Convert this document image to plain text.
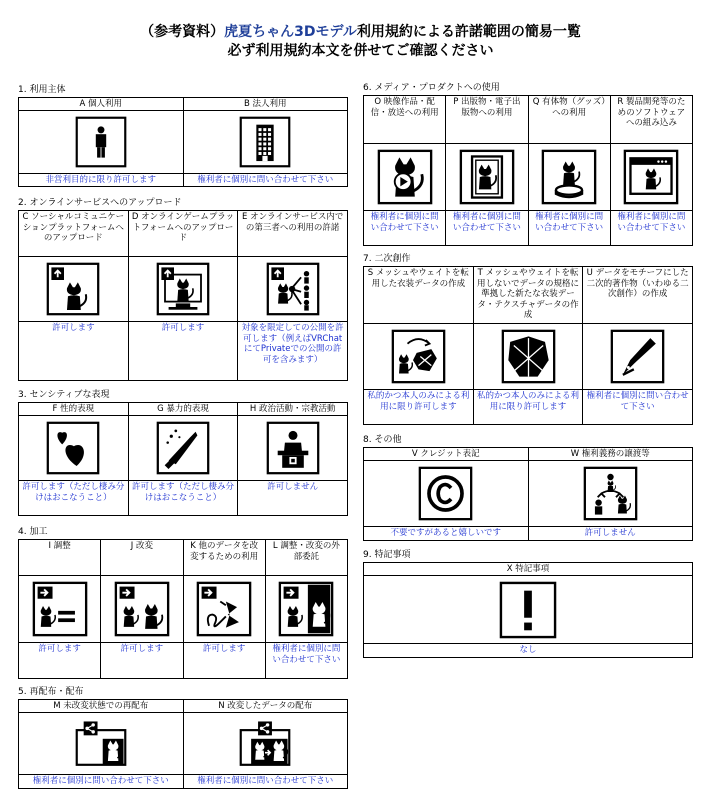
（参考資料）虎夏ちゃん3Dモデル利用規約による許諾範囲の簡易一覧
必ず利用規約本文を併せてご確認ください
1. 利用主体
A 個人利用
非営利目的に限り許可します
B 法人利用
権利者に個別に問い合わせて下さい
2. オンラインサービスへのアップロード
C ソーシャルコミュニケーションプラットフォームへのアップロード
許可します
D オンラインゲームプラットフォームへのアップロード
許可します
E オンラインサービス内での第三者への利用の許諾
対象を限定しての公開を許可します（例えばVRChatにてPrivateでの公開の許可を含みます）
3. センシティブな表現
F 性的表現
許可します（ただし棲み分けはおこなうこと）
G 暴力的表現
許可します（ただし棲み分けはおこなうこと）
H 政治活動・宗教活動
許可しません
4. 加工
I 調整
許可します
J 改変
許可します
K 他のデータを改変するための利用
許可します
L 調整・改変の外部委託
権利者に個別に問い合わせて下さい
5. 再配布・配布
M 未改変状態での再配布
権利者に個別に問い合わせて下さい
N 改変したデータの配布
権利者に個別に問い合わせて下さい
6. メディア・プロダクトへの使用
O 映像作品・配信・放送への利用
権利者に個別に問い合わせて下さい
P 出版物・電子出版物への利用
権利者に個別に問い合わせて下さい
Q 有体物（グッズ）への利用
権利者に個別に問い合わせて下さい
R 製品開発等のためのソフトウェアへの組み込み
権利者に個別に問い合わせて下さい
7. 二次創作
S メッシュやウェイトを転用した衣装データの作成
私的かつ本人のみによる利用に限り許可します
T メッシュやウェイトを転用しないでデータの規格に準拠した新たな衣装データ・テクスチャデータの作成
私的かつ本人のみによる利用に限り許可します
U データをモチーフにした二次的著作物（いわゆる二次創作）の作成
権利者に個別に問い合わせて下さい
8. その他
V クレジット表記
不要ですがあると嬉しいです
W 権利義務の譲渡等
許可しません
9. 特記事項
X 特記事項
なし
